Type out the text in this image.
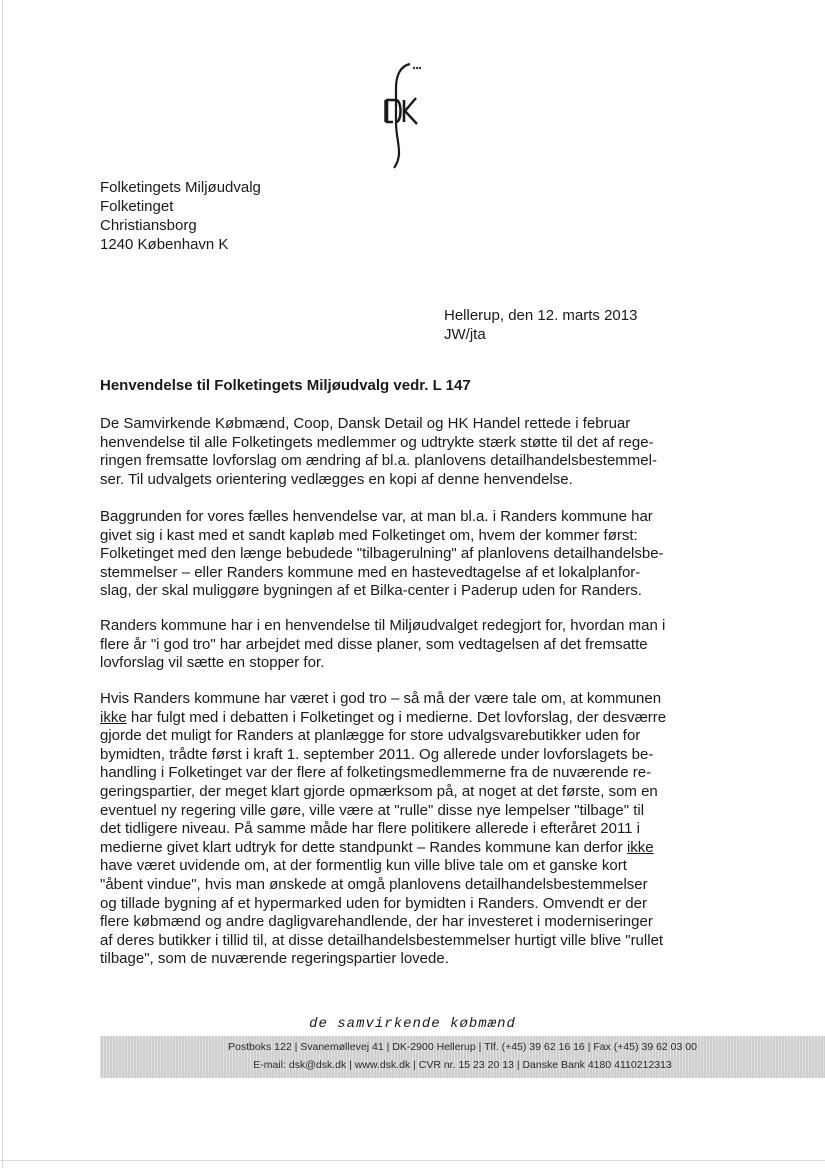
Folketingets Miljøudvalg
Folketinget
Christiansborg
1240 København K
Hellerup, den 12. marts 2013
JW/jta
Henvendelse til Folketingets Miljøudvalg vedr. L 147
De Samvirkende Købmænd, Coop, Dansk Detail og HK Handel rettede i februar
henvendelse til alle Folketingets medlemmer og udtrykte stærk støtte til det af rege-
ringen fremsatte lovforslag om ændring af bl.a. planlovens detailhandelsbestemmel-
ser. Til udvalgets orientering vedlægges en kopi af denne henvendelse.
Baggrunden for vores fælles henvendelse var, at man bl.a. i Randers kommune har
givet sig i kast med et sandt kapløb med Folketinget om, hvem der kommer først:
Folketinget med den længe bebudede "tilbagerulning" af planlovens detailhandelsbe-
stemmelser – eller Randers kommune med en hastevedtagelse af et lokalplanfor-
slag, der skal muliggøre bygningen af et Bilka-center i Paderup uden for Randers.
Randers kommune har i en henvendelse til Miljøudvalget redegjort for, hvordan man i
flere år "i god tro" har arbejdet med disse planer, som vedtagelsen af det fremsatte
lovforslag vil sætte en stopper for.
Hvis Randers kommune har været i god tro – så må der være tale om, at kommunen
ikke har fulgt med i debatten i Folketinget og i medierne. Det lovforslag, der desværre
gjorde det muligt for Randers at planlægge for store udvalgsvarebutikker uden for
bymidten, trådte først i kraft 1. september 2011. Og allerede under lovforslagets be-
handling i Folketinget var der flere af folketingsmedlemmerne fra de nuværende re-
geringspartier, der meget klart gjorde opmærksom på, at noget at det første, som en
eventuel ny regering ville gøre, ville være at "rulle" disse nye lempelser "tilbage" til
det tidligere niveau. På samme måde har flere politikere allerede i efteråret 2011 i
medierne givet klart udtryk for dette standpunkt – Randes kommune kan derfor ikke
have været uvidende om, at der formentlig kun ville blive tale om et ganske kort
"åbent vindue", hvis man ønskede at omgå planlovens detailhandelsbestemmelser
og tillade bygning af et hypermarked uden for bymidten i Randers. Omvendt er der
flere købmænd og andre dagligvarehandlende, der har investeret i moderniseringer
af deres butikker i tillid til, at disse detailhandelsbestemmelser hurtigt ville blive "rullet
tilbage", som de nuværende regeringspartier lovede.
de samvirkende købmænd
Postboks 122 | Svanemøllevej 41 | DK-2900 Hellerup | Tlf. (+45) 39 62 16 16 | Fax (+45) 39 62 03 00
E-mail: dsk@dsk.dk | www.dsk.dk | CVR nr. 15 23 20 13 | Danske Bank 4180 4110212313
